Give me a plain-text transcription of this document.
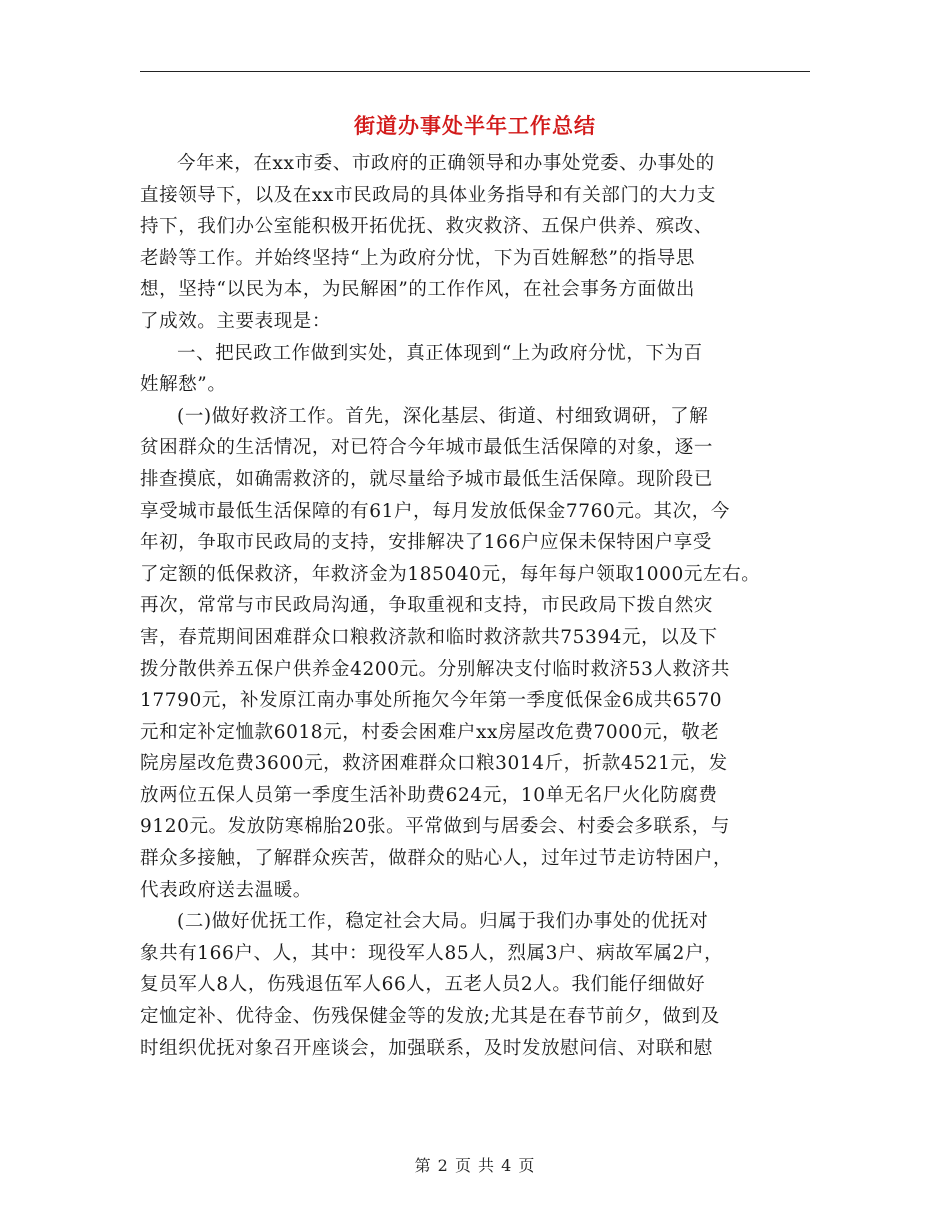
街道办事处半年工作总结
今年来，在xx市委、市政府的正确领导和办事处党委、办事处的
直接领导下，以及在xx市民政局的具体业务指导和有关部门的大力支
持下，我们办公室能积极开拓优抚、救灾救济、五保户供养、殡改、
老龄等工作。并始终坚持“上为政府分忧，下为百姓解愁”的指导思
想，坚持“以民为本，为民解困”的工作作风，在社会事务方面做出
了成效。主要表现是：
一、把民政工作做到实处，真正体现到“上为政府分忧，下为百
姓解愁”。
(一)做好救济工作。首先，深化基层、街道、村细致调研，了解
贫困群众的生活情况，对已符合今年城市最低生活保障的对象，逐一
排查摸底，如确需救济的，就尽量给予城市最低生活保障。现阶段已
享受城市最低生活保障的有61户，每月发放低保金7760元。其次，今
年初，争取市民政局的支持，安排解决了166户应保未保特困户享受
了定额的低保救济，年救济金为185040元，每年每户领取1000元左右。
再次，常常与市民政局沟通，争取重视和支持，市民政局下拨自然灾
害，春荒期间困难群众口粮救济款和临时救济款共75394元，以及下
拨分散供养五保户供养金4200元。分别解决支付临时救济53人救济共
17790元，补发原江南办事处所拖欠今年第一季度低保金6成共6570
元和定补定恤款6018元，村委会困难户xx房屋改危费7000元，敬老
院房屋改危费3600元，救济困难群众口粮3014斤，折款4521元，发
放两位五保人员第一季度生活补助费624元，10单无名尸火化防腐费
9120元。发放防寒棉胎20张。平常做到与居委会、村委会多联系，与
群众多接触，了解群众疾苦，做群众的贴心人，过年过节走访特困户，
代表政府送去温暖。
(二)做好优抚工作，稳定社会大局。归属于我们办事处的优抚对
象共有166户、人，其中：现役军人85人，烈属3户、病故军属2户，
复员军人8人，伤残退伍军人66人，五老人员2人。我们能仔细做好
定恤定补、优待金、伤残保健金等的发放;尤其是在春节前夕，做到及
时组织优抚对象召开座谈会，加强联系，及时发放慰问信、对联和慰
第 2 页 共 4 页
